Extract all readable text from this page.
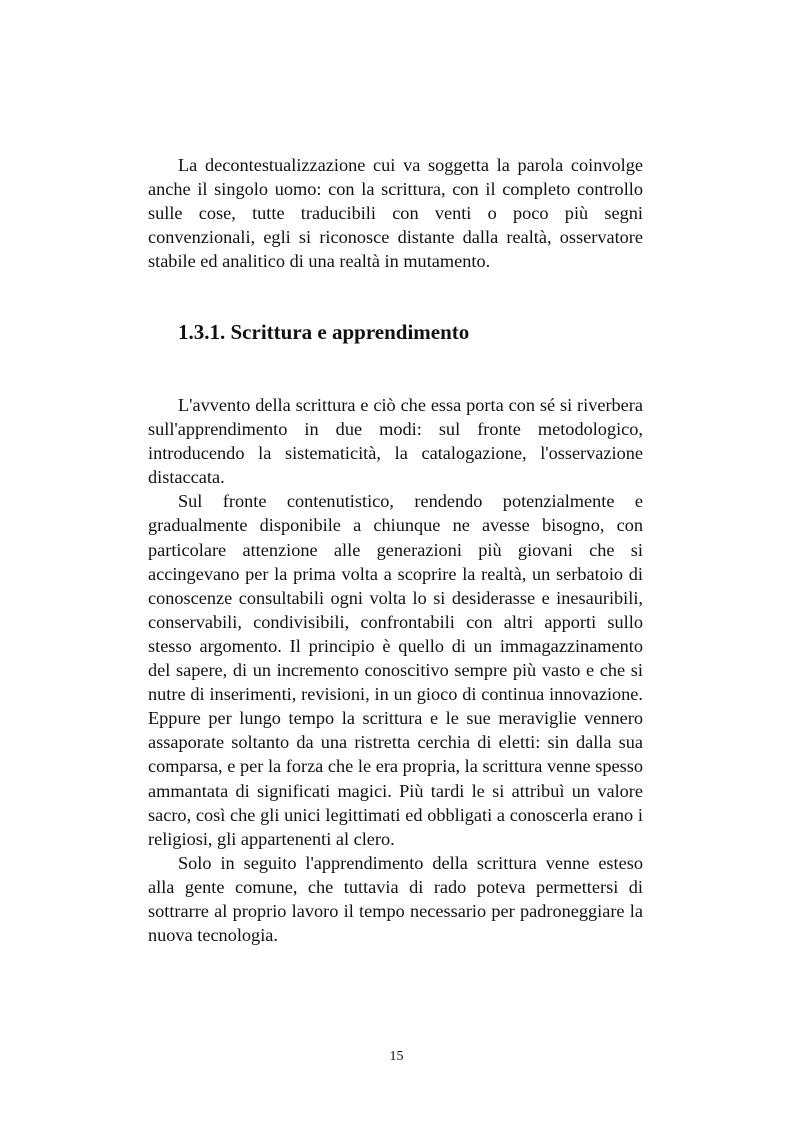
La decontestualizzazione cui va soggetta la parola coinvolge anche il singolo uomo: con la scrittura, con il completo controllo sulle cose, tutte traducibili con venti o poco più segni convenzionali, egli si riconosce distante dalla realtà, osservatore stabile ed analitico di una realtà in mutamento.

1.3.1. Scrittura e apprendimento

L'avvento della scrittura e ciò che essa porta con sé si riverbera sull'apprendimento in due modi: sul fronte metodologico, introducendo la sistematicità, la catalogazione, l'osservazione distaccata.

Sul fronte contenutistico, rendendo potenzialmente e gradualmente disponibile a chiunque ne avesse bisogno, con particolare attenzione alle generazioni più giovani che si accingevano per la prima volta a scoprire la realtà, un serbatoio di conoscenze consultabili ogni volta lo si desiderasse e inesauribili, conservabili, condivisibili, confrontabili con altri apporti sullo stesso argomento. Il principio è quello di un immagazzinamento del sapere, di un incremento conoscitivo sempre più vasto e che si nutre di inserimenti, revisioni, in un gioco di continua innovazione. Eppure per lungo tempo la scrittura e le sue meraviglie vennero assaporate soltanto da una ristretta cerchia di eletti: sin dalla sua comparsa, e per la forza che le era propria, la scrittura venne spesso ammantata di significati magici. Più tardi le si attribuì un valore sacro, così che gli unici legittimati ed obbligati a conoscerla erano i religiosi, gli appartenenti al clero.

Solo in seguito l'apprendimento della scrittura venne esteso alla gente comune, che tuttavia di rado poteva permettersi di sottrarre al proprio lavoro il tempo necessario per padroneggiare la nuova tecnologia.

15
